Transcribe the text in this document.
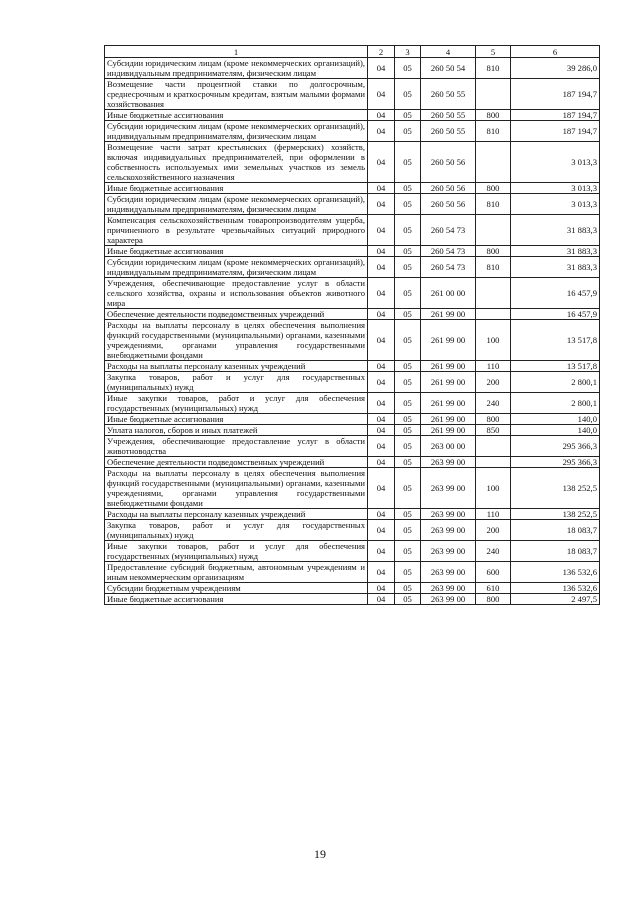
1	2	3	4	5	6
Субсидии юридическим лицам (кроме некоммерческих организаций), индивидуальным предпринимателям, физическим лицам	04	05	260 50 54	810	39 286,0
Возмещение части процентной ставки по долгосрочным, среднесрочным и краткосрочным кредитам, взятым малыми формами хозяйствования	04	05	260 50 55		187 194,7
Иные бюджетные ассигнования	04	05	260 50 55	800	187 194,7
Субсидии юридическим лицам (кроме некоммерческих организаций), индивидуальным предпринимателям, физическим лицам	04	05	260 50 55	810	187 194,7
Возмещение части затрат крестьянских (фермерских) хозяйств, включая индивидуальных предпринимателей, при оформлении в собственность используемых ими земельных участков из земель сельскохозяйственного назначения	04	05	260 50 56		3 013,3
Иные бюджетные ассигнования	04	05	260 50 56	800	3 013,3
Субсидии юридическим лицам (кроме некоммерческих организаций), индивидуальным предпринимателям, физическим лицам	04	05	260 50 56	810	3 013,3
Компенсация сельскохозяйственным товаропроизводителям ущерба, причиненного в результате чрезвычайных ситуаций природного характера	04	05	260 54 73		31 883,3
Иные бюджетные ассигнования	04	05	260 54 73	800	31 883,3
Субсидии юридическим лицам (кроме некоммерческих организаций), индивидуальным предпринимателям, физическим лицам	04	05	260 54 73	810	31 883,3
Учреждения, обеспечивающие предоставление услуг в области сельского хозяйства, охраны и использования объектов животного мира	04	05	261 00 00		16 457,9
Обеспечение деятельности подведомственных учреждений	04	05	261 99 00		16 457,9
Расходы на выплаты персоналу в целях обеспечения выполнения функций государственными (муниципальными) органами, казенными учреждениями, органами управления государственными внебюджетными фондами	04	05	261 99 00	100	13 517,8
Расходы на выплаты персоналу казенных учреждений	04	05	261 99 00	110	13 517,8
Закупка товаров, работ и услуг для государственных (муниципальных) нужд	04	05	261 99 00	200	2 800,1
Иные закупки товаров, работ и услуг для обеспечения государственных (муниципальных) нужд	04	05	261 99 00	240	2 800,1
Иные бюджетные ассигнования	04	05	261 99 00	800	140,0
Уплата налогов, сборов и иных платежей	04	05	261 99 00	850	140,0
Учреждения, обеспечивающие предоставление услуг в области животноводства	04	05	263 00 00		295 366,3
Обеспечение деятельности подведомственных учреждений	04	05	263 99 00		295 366,3
Расходы на выплаты персоналу в целях обеспечения выполнения функций государственными (муниципальными) органами, казенными учреждениями, органами управления государственными внебюджетными фондами	04	05	263 99 00	100	138 252,5
Расходы на выплаты персоналу казенных учреждений	04	05	263 99 00	110	138 252,5
Закупка товаров, работ и услуг для государственных (муниципальных) нужд	04	05	263 99 00	200	18 083,7
Иные закупки товаров, работ и услуг для обеспечения государственных (муниципальных) нужд	04	05	263 99 00	240	18 083,7
Предоставление субсидий бюджетным, автономным учреждениям и иным некоммерческим организациям	04	05	263 99 00	600	136 532,6
Субсидии бюджетным учреждениям	04	05	263 99 00	610	136 532,6
Иные бюджетные ассигнования	04	05	263 99 00	800	2 497,5
19
